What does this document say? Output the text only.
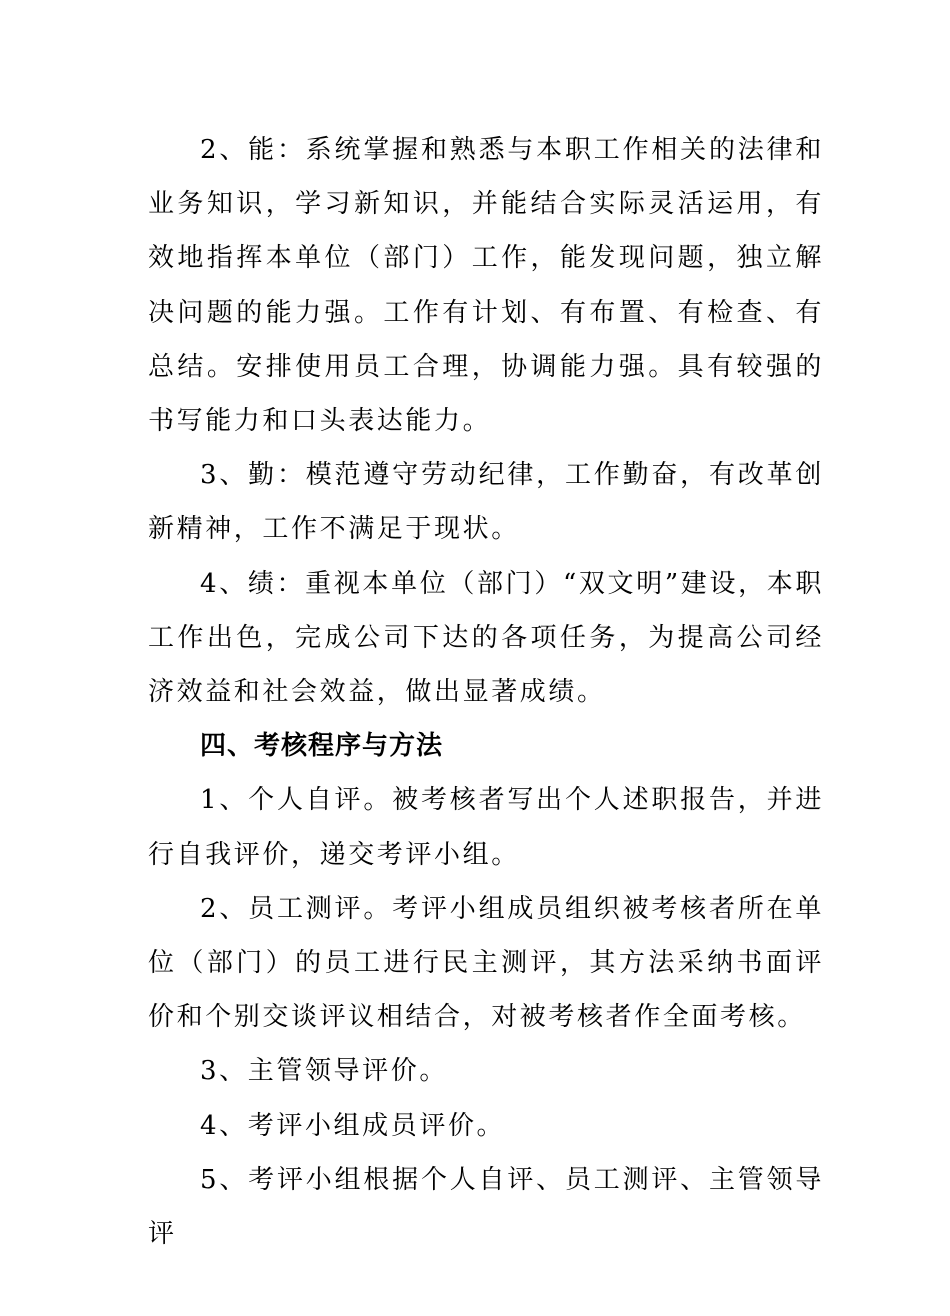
2、能：系统掌握和熟悉与本职工作相关的法律和业务知识，学习新知识，并能结合实际灵活运用，有效地指挥本单位（部门）工作，能发现问题，独立解决问题的能力强。工作有计划、有布置、有检查、有总结。安排使用员工合理，协调能力强。具有较强的书写能力和口头表达能力。

3、勤：模范遵守劳动纪律，工作勤奋，有改革创新精神，工作不满足于现状。

4、绩：重视本单位（部门）“双文明”建设，本职工作出色，完成公司下达的各项任务，为提高公司经济效益和社会效益，做出显著成绩。

四、考核程序与方法

1、个人自评。被考核者写出个人述职报告，并进行自我评价，递交考评小组。

2、员工测评。考评小组成员组织被考核者所在单位（部门）的员工进行民主测评，其方法采纳书面评价和个别交谈评议相结合，对被考核者作全面考核。

3、主管领导评价。

4、考评小组成员评价。

5、考评小组根据个人自评、员工测评、主管领导评
